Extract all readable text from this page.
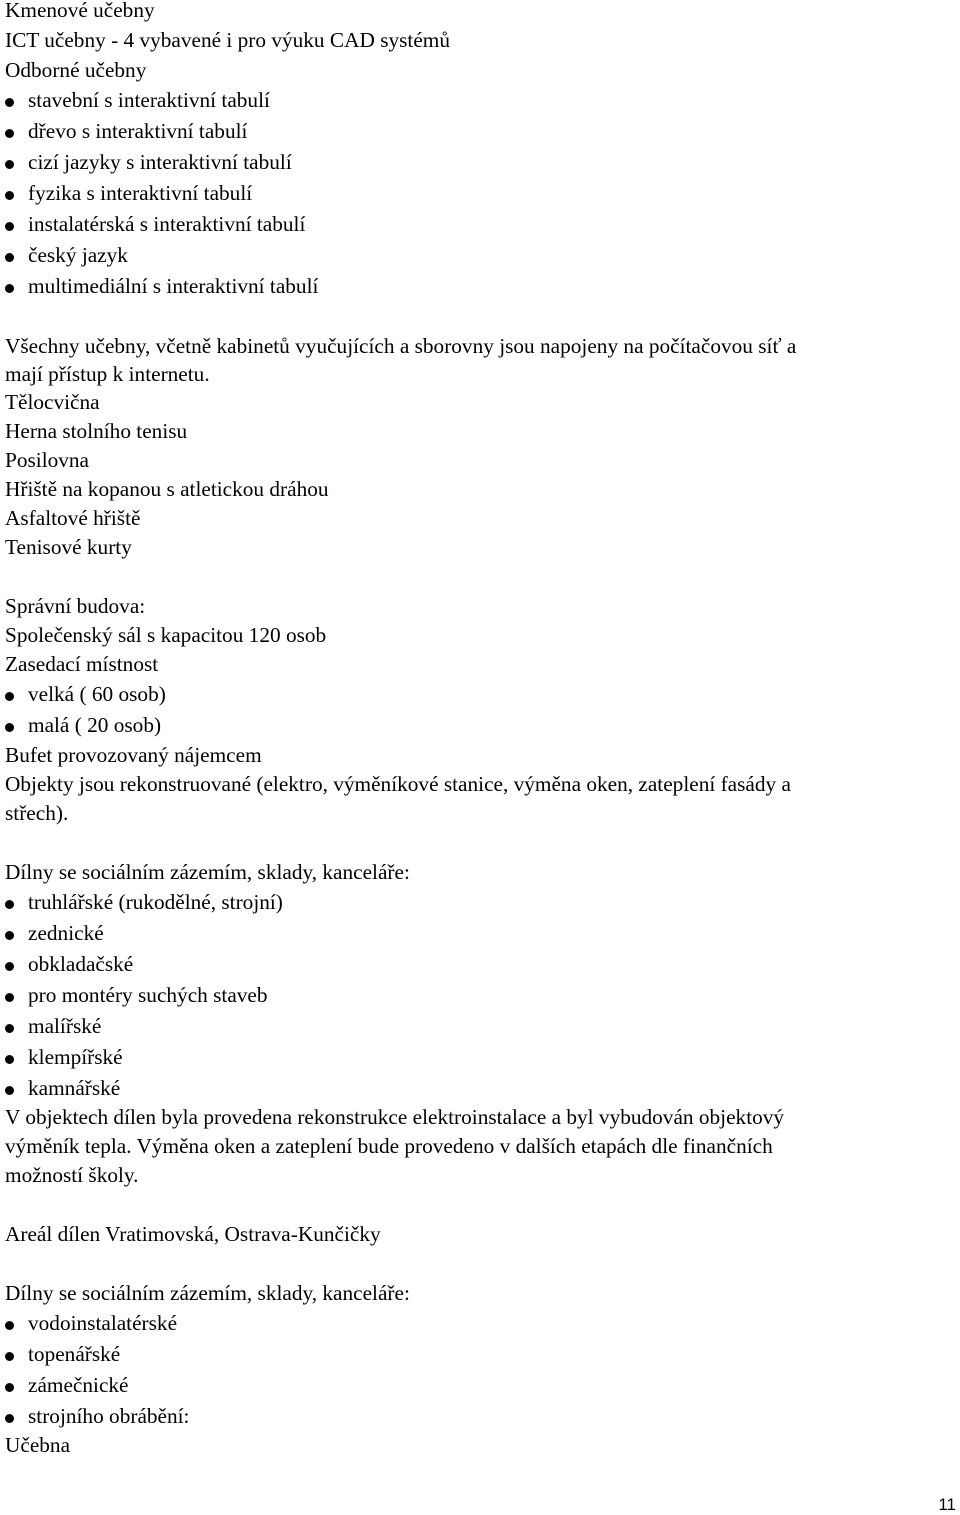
Kmenové učebny
ICT učebny - 4 vybavené i pro výuku CAD systémů
Odborné učebny
stavební s interaktivní tabulí
dřevo s interaktivní tabulí
cizí jazyky s interaktivní tabulí
fyzika s interaktivní tabulí
instalatérská s interaktivní tabulí
český jazyk
multimediální s interaktivní tabulí
Všechny učebny, včetně kabinetů vyučujících a sborovny jsou napojeny na počítačovou síť a
mají přístup k internetu.
Tělocvična
Herna stolního tenisu
Posilovna
Hřiště na kopanou s atletickou dráhou
Asfaltové hřiště
Tenisové kurty
Správní budova:
Společenský sál s kapacitou 120 osob
Zasedací místnost
velká ( 60 osob)
malá ( 20 osob)
Bufet provozovaný nájemcem
Objekty jsou rekonstruované (elektro, výměníkové stanice, výměna oken, zateplení fasády a
střech).
Dílny se sociálním zázemím, sklady, kanceláře:
truhlářské (rukodělné, strojní)
zednické
obkladačské
pro montéry suchých staveb
malířské
klempířské
kamnářské
V objektech dílen byla provedena rekonstrukce elektroinstalace a byl vybudován objektový
výměník tepla. Výměna oken a zateplení bude provedeno v dalších etapách dle finančních
možností školy.
Areál dílen Vratimovská, Ostrava-Kunčičky
Dílny se sociálním zázemím, sklady, kanceláře:
vodoinstalatérské
topenářské
zámečnické
strojního obrábění:
Učebna
11
